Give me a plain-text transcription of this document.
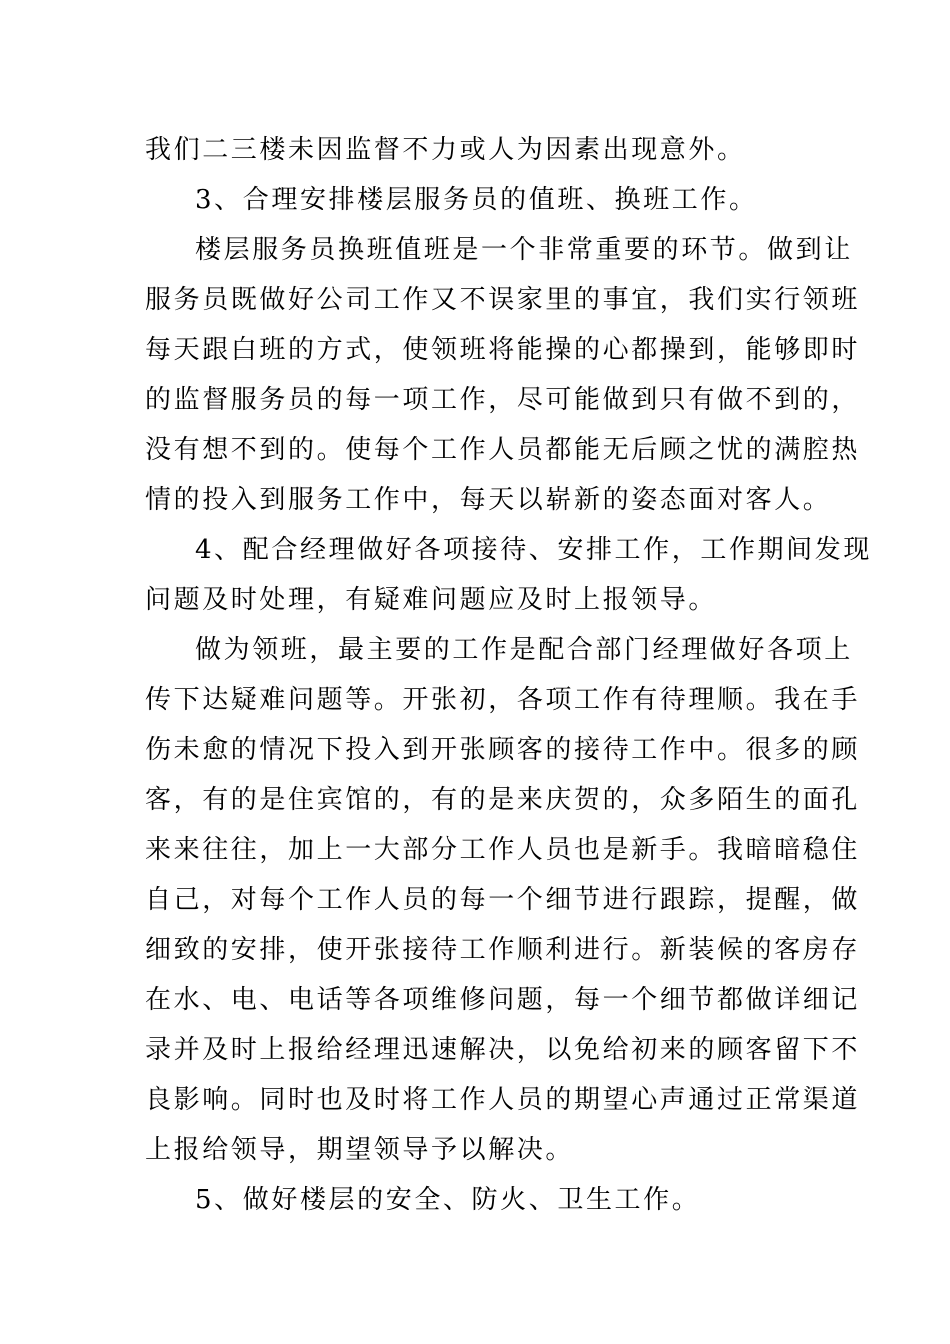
我们二三楼未因监督不力或人为因素出现意外。
3、合理安排楼层服务员的值班、换班工作。
楼层服务员换班值班是一个非常重要的环节。做到让
服务员既做好公司工作又不误家里的事宜，我们实行领班
每天跟白班的方式，使领班将能操的心都操到，能够即时
的监督服务员的每一项工作，尽可能做到只有做不到的，
没有想不到的。使每个工作人员都能无后顾之忧的满腔热
情的投入到服务工作中，每天以崭新的姿态面对客人。
4、配合经理做好各项接待、安排工作，工作期间发现
问题及时处理，有疑难问题应及时上报领导。
做为领班，最主要的工作是配合部门经理做好各项上
传下达疑难问题等。开张初，各项工作有待理顺。我在手
伤未愈的情况下投入到开张顾客的接待工作中。很多的顾
客，有的是住宾馆的，有的是来庆贺的，众多陌生的面孔
来来往往，加上一大部分工作人员也是新手。我暗暗稳住
自己，对每个工作人员的每一个细节进行跟踪，提醒，做
细致的安排，使开张接待工作顺利进行。新装候的客房存
在水、电、电话等各项维修问题，每一个细节都做详细记
录并及时上报给经理迅速解决，以免给初来的顾客留下不
良影响。同时也及时将工作人员的期望心声通过正常渠道
上报给领导，期望领导予以解决。
5、做好楼层的安全、防火、卫生工作。
